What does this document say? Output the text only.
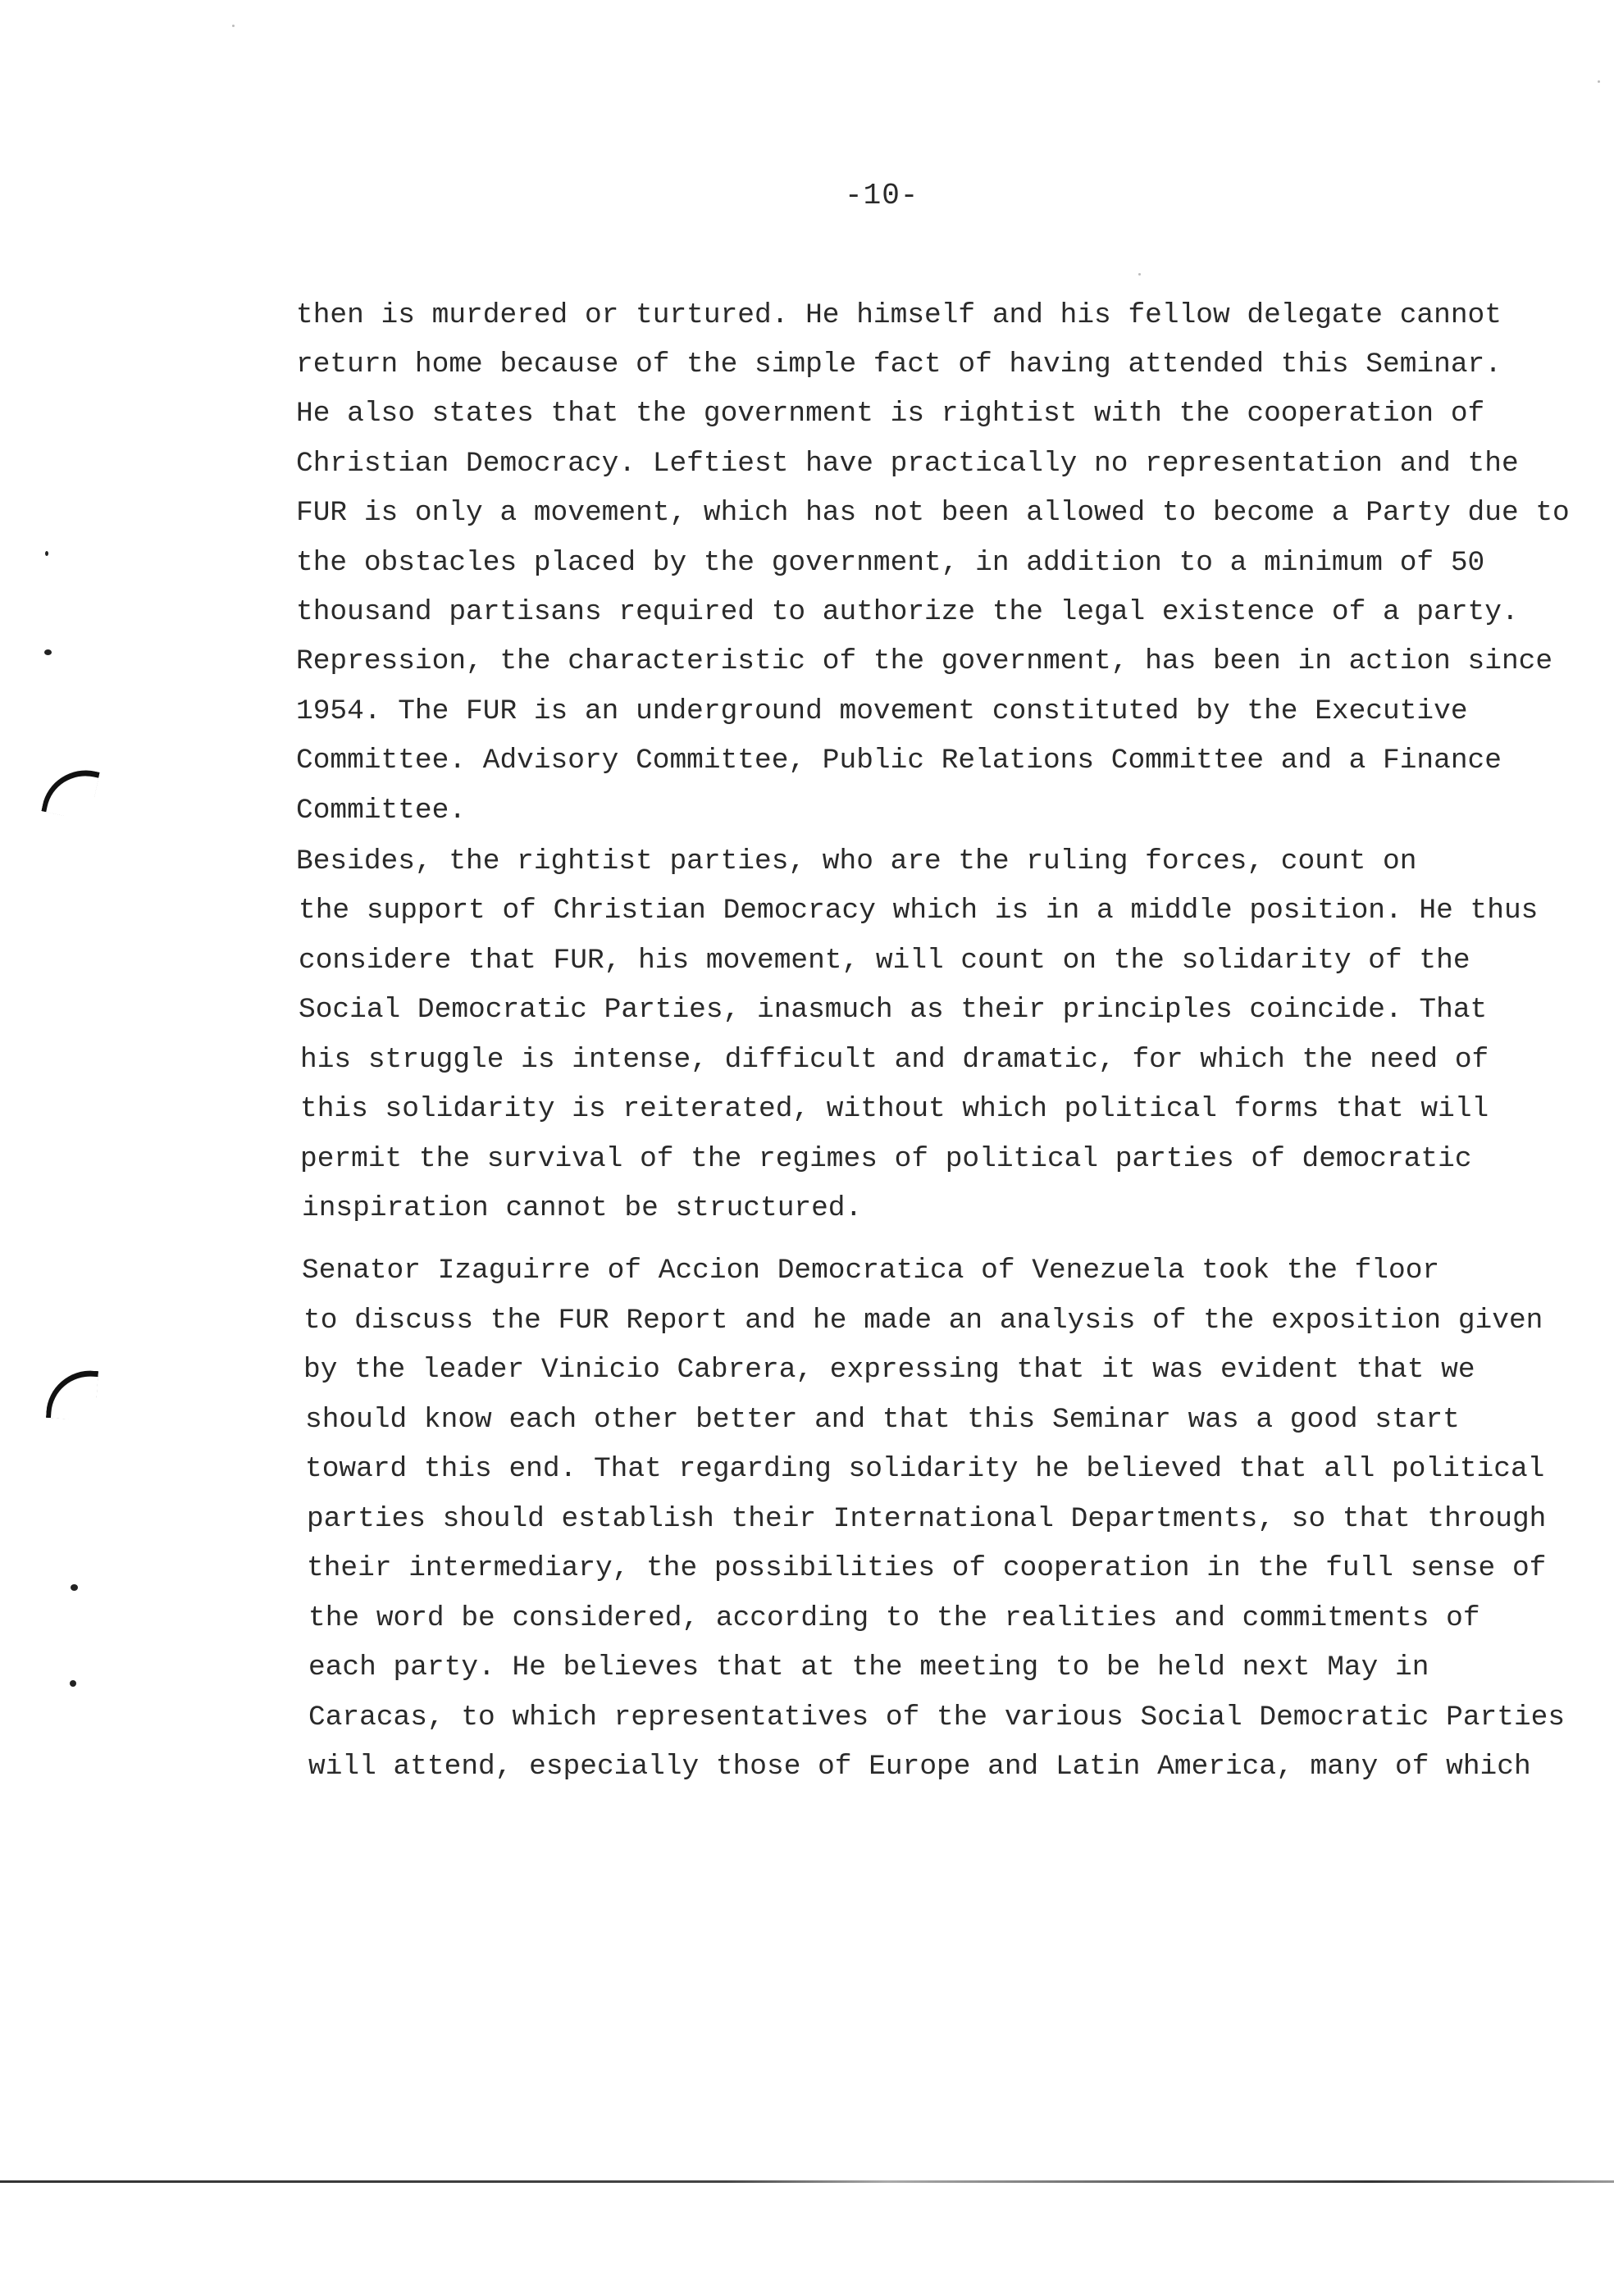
-10-
then is murdered or turtured. He himself and his fellow delegate cannot
return home because of the simple fact of having attended this Seminar.
He also states that the government is rightist with the cooperation of
Christian Democracy. Leftiest have practically no representation and the
FUR is only a movement, which has not been allowed to become a Party due to
the obstacles placed by the government, in addition to a minimum of 50
thousand partisans required to authorize the legal existence of a party.
Repression, the characteristic of the government, has been in action since
1954. The FUR is an underground movement constituted by the Executive
Committee. Advisory Committee, Public Relations Committee and a Finance
Committee.
Besides, the rightist parties, who are the ruling forces, count on
the support of Christian Democracy which is in a middle position. He thus
considere that FUR, his movement, will count on the solidarity of the
Social Democratic Parties, inasmuch as their principles coincide. That
his struggle is intense, difficult and dramatic, for which the need of
this solidarity is reiterated, without which political forms that will
permit the survival of the regimes of political parties of democratic
inspiration cannot be structured.
Senator Izaguirre of Accion Democratica of Venezuela took the floor
to discuss the FUR Report and he made an analysis of the exposition given
by the leader Vinicio Cabrera, expressing that it was evident that we
should know each other better and that this Seminar was a good start
toward this end. That regarding solidarity he believed that all political
parties should establish their International Departments, so that through
their intermediary, the possibilities of cooperation in the full sense of
the word be considered, according to the realities and commitments of
each party. He believes that at the meeting to be held next May in
Caracas, to which representatives of the various Social Democratic Parties
will attend, especially those of Europe and Latin America, many of which
